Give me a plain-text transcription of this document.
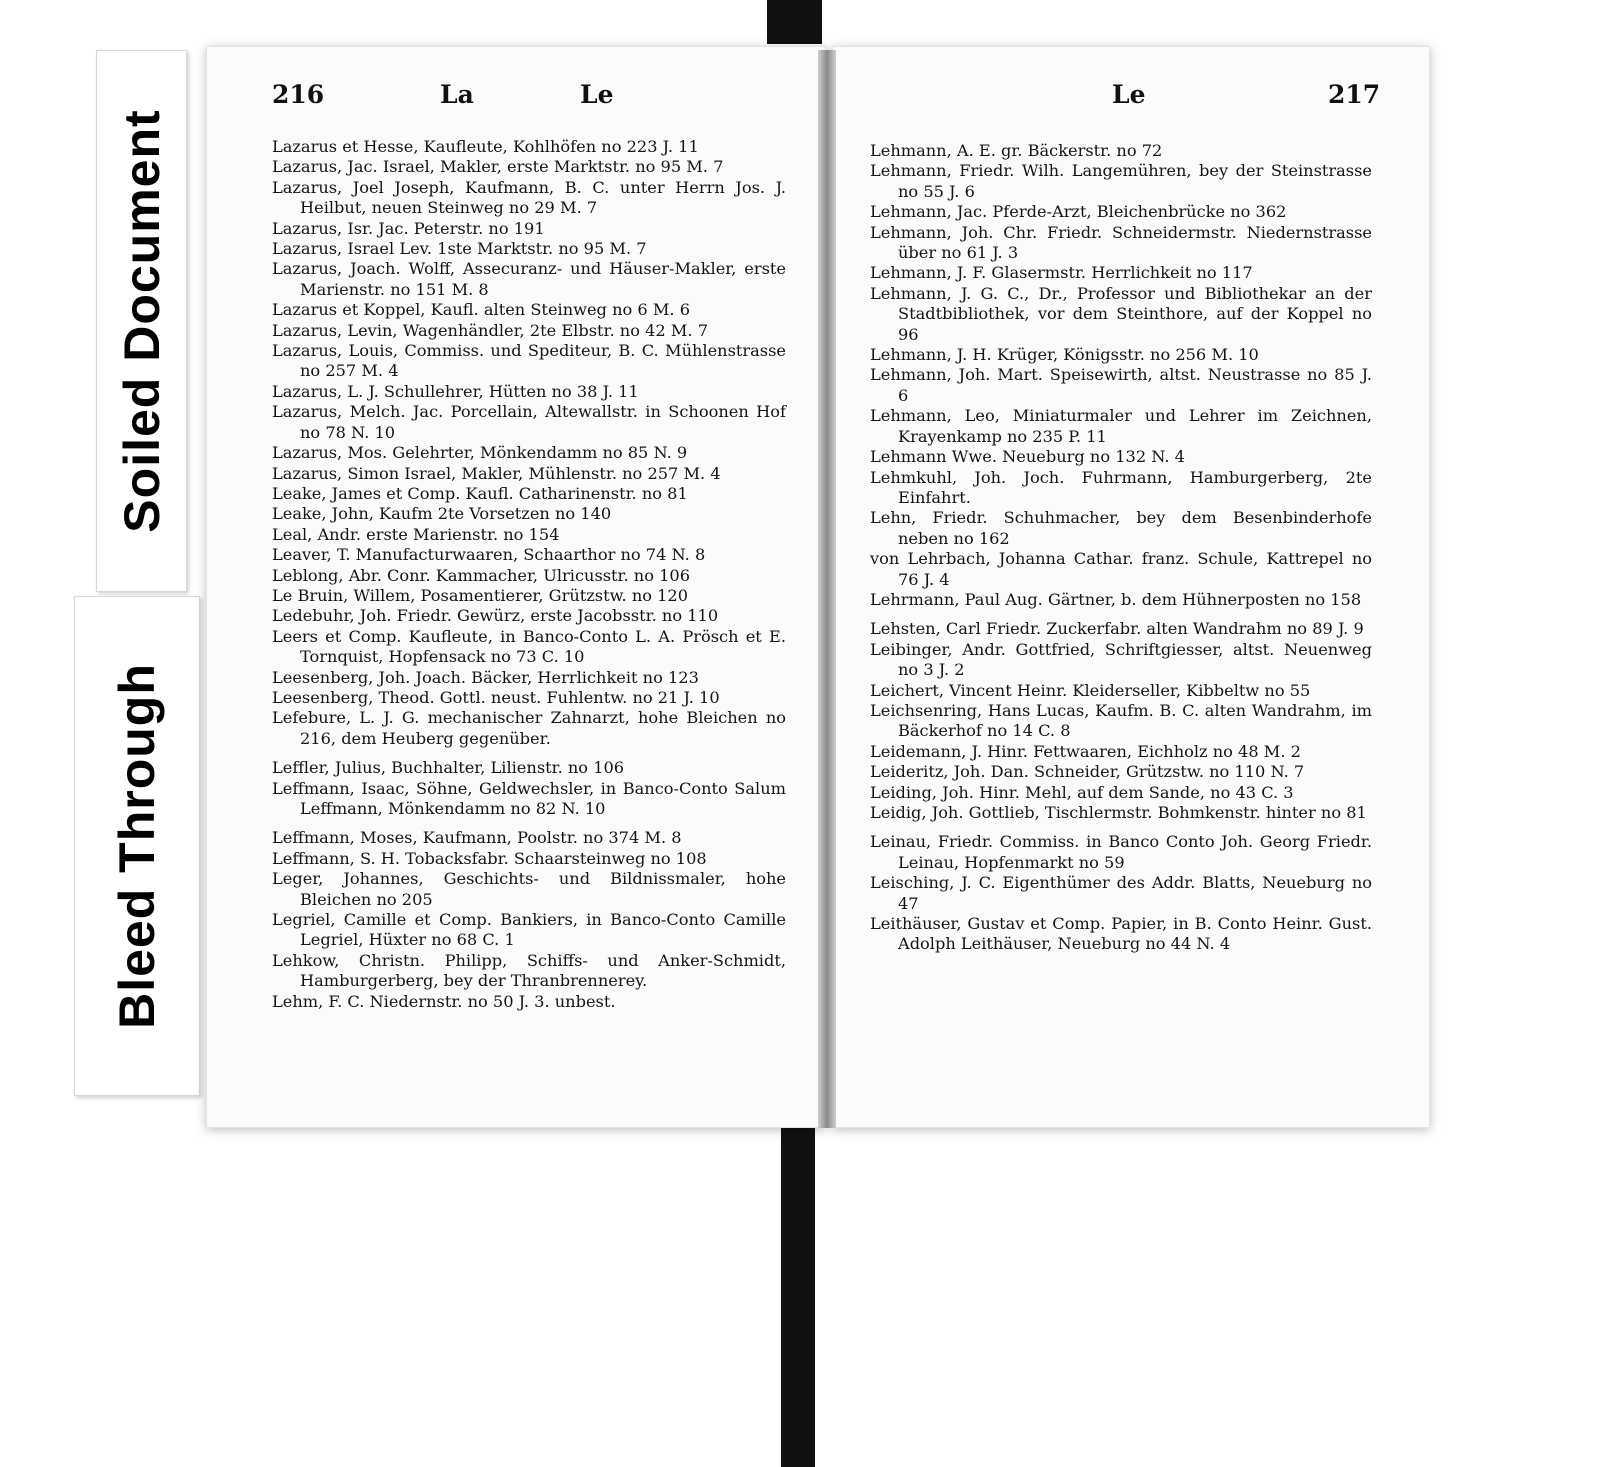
Soiled Document
Bleed Through
216	La	Le	Le	217
Lazarus et Hesse, Kaufleute, Kohlhöfen no 223 J. 11
Lazarus, Jac. Israel, Makler, erste Marktstr. no 95 M. 7
Lazarus, Joel Joseph, Kaufmann, B. C. unter Herrn Jos. J. Heilbut, neuen Steinweg no 29 M. 7
Lazarus, Isr. Jac. Peterstr. no 191
Lazarus, Israel Lev. 1ste Marktstr. no 95 M. 7
Lazarus, Joach. Wolff, Assecuranz- und Häuser-Makler, erste Marienstr. no 151 M. 8
Lazarus et Koppel, Kaufl. alten Steinweg no 6 M. 6
Lazarus, Levin, Wagenhändler, 2te Elbstr. no 42 M. 7
Lazarus, Louis, Commiss. und Spediteur, B. C. Mühlenstrasse no 257 M. 4
Lazarus, L. J. Schullehrer, Hütten no 38 J. 11
Lazarus, Melch. Jac. Porcellain, Altewallstr. in Schoonen Hof no 78 N. 10
Lazarus, Mos. Gelehrter, Mönkendamm no 85 N. 9
Lazarus, Simon Israel, Makler, Mühlenstr. no 257 M. 4
Leake, James et Comp. Kaufl. Catharinenstr. no 81
Leake, John, Kaufm 2te Vorsetzen no 140
Leal, Andr. erste Marienstr. no 154
Leaver, T. Manufacturwaaren, Schaarthor no 74 N. 8
Leblong, Abr. Conr. Kammacher, Ulricusstr. no 106
Le Bruin, Willem, Posamentierer, Grützstw. no 120
Ledebuhr, Joh. Friedr. Gewürz, erste Jacobsstr. no 110
Leers et Comp. Kaufleute, in Banco-Conto L. A. Prösch et E. Tornquist, Hopfensack no 73 C. 10
Leesenberg, Joh. Joach. Bäcker, Herrlichkeit no 123
Leesenberg, Theod. Gottl. neust. Fuhlentw. no 21 J. 10
Lefebure, L. J. G. mechanischer Zahnarzt, hohe Bleichen no 216, dem Heuberg gegenüber.
Leffler, Julius, Buchhalter, Lilienstr. no 106
Leffmann, Isaac, Söhne, Geldwechsler, in Banco-Conto Salum Leffmann, Mönkendamm no 82 N. 10
Leffmann, Moses, Kaufmann, Poolstr. no 374 M. 8
Leffmann, S. H. Tobacksfabr. Schaarsteinweg no 108
Leger, Johannes, Geschichts- und Bildnissmaler, hohe Bleichen no 205
Legriel, Camille et Comp. Bankiers, in Banco-Conto Camille Legriel, Hüxter no 68 C. 1
Lehkow, Christn. Philipp, Schiffs- und Anker-Schmidt, Hamburgerberg, bey der Thranbrennerey.
Lehm, F. C. Niedernstr. no 50 J. 3. unbest.
Lehmann, A. E. gr. Bäckerstr. no 72
Lehmann, Friedr. Wilh. Langemühren, bey der Steinstrasse no 55 J. 6
Lehmann, Jac. Pferde-Arzt, Bleichenbrücke no 362
Lehmann, Joh. Chr. Friedr. Schneidermstr. Niedernstrasse über no 61 J. 3
Lehmann, J. F. Glasermstr. Herrlichkeit no 117
Lehmann, J. G. C., Dr., Professor und Bibliothekar an der Stadtbibliothek, vor dem Steinthore, auf der Koppel no 96
Lehmann, J. H. Krüger, Königsstr. no 256 M. 10
Lehmann, Joh. Mart. Speisewirth, altst. Neustrasse no 85 J. 6
Lehmann, Leo, Miniaturmaler und Lehrer im Zeichnen, Krayenkamp no 235 P. 11
Lehmann Wwe. Neueburg no 132 N. 4
Lehmkuhl, Joh. Joch. Fuhrmann, Hamburgerberg, 2te Einfahrt.
Lehn, Friedr. Schuhmacher, bey dem Besenbinderhofe neben no 162
von Lehrbach, Johanna Cathar. franz. Schule, Kattrepel no 76 J. 4
Lehrmann, Paul Aug. Gärtner, b. dem Hühnerposten no 158
Lehsten, Carl Friedr. Zuckerfabr. alten Wandrahm no 89 J. 9
Leibinger, Andr. Gottfried, Schriftgiesser, altst. Neuenweg no 3 J. 2
Leichert, Vincent Heinr. Kleiderseller, Kibbeltw no 55
Leichsenring, Hans Lucas, Kaufm. B. C. alten Wandrahm, im Bäckerhof no 14 C. 8
Leidemann, J. Hinr. Fettwaaren, Eichholz no 48 M. 2
Leideritz, Joh. Dan. Schneider, Grützstw. no 110 N. 7
Leiding, Joh. Hinr. Mehl, auf dem Sande, no 43 C. 3
Leidig, Joh. Gottlieb, Tischlermstr. Bohmkenstr. hinter no 81
Leinau, Friedr. Commiss. in Banco Conto Joh. Georg Friedr. Leinau, Hopfenmarkt no 59
Leisching, J. C. Eigenthümer des Addr. Blatts, Neueburg no 47
Leithäuser, Gustav et Comp. Papier, in B. Conto Heinr. Gust. Adolph Leithäuser, Neueburg no 44 N. 4
